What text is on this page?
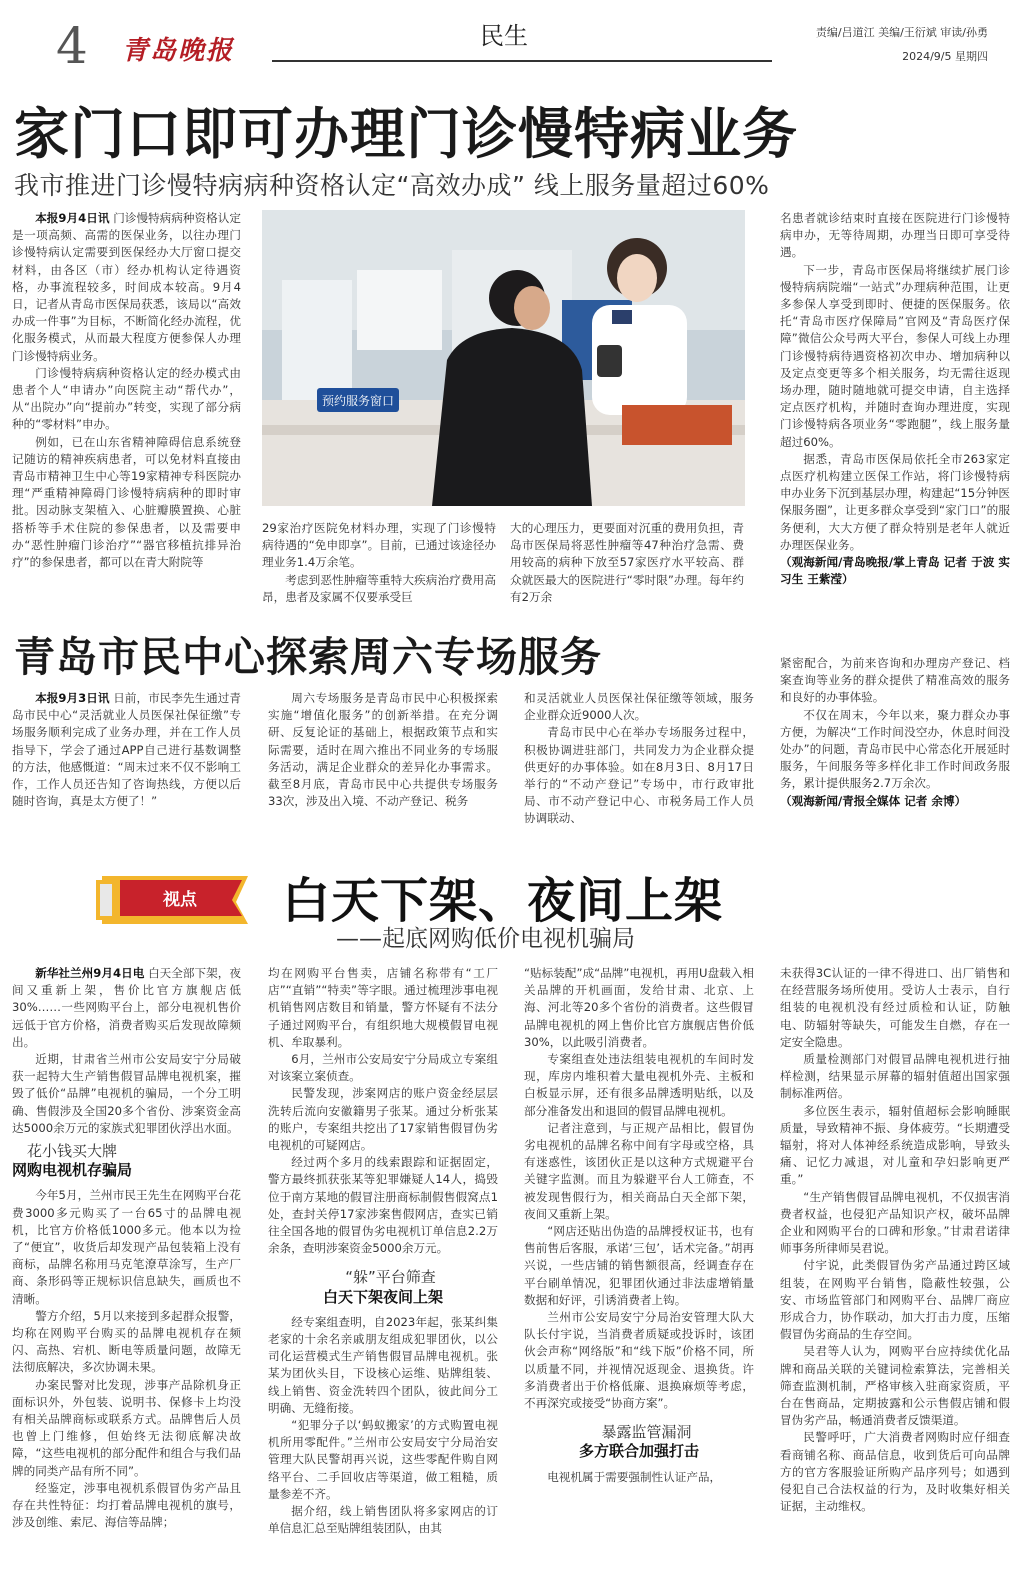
4 青岛晚报	民生	责编/吕道江 美编/王衍斌 审读/孙勇
2024/9/5 星期四
家门口即可办理门诊慢特病业务
我市推进门诊慢特病病种资格认定“高效办成” 线上服务量超过60%

本报9月4日讯 门诊慢特病病种资格认定是一项高频、高需的医保业务，以往办理门诊慢特病认定需要到医保经办大厅窗口提交材料，由各区（市）经办机构认定待遇资格，办事流程较多，时间成本较高。9月4日，记者从青岛市医保局获悉，该局以“高效办成一件事”为目标，不断简化经办流程，优化服务模式，从而最大程度方便参保人办理门诊慢特病业务。

门诊慢特病病种资格认定的经办模式由患者个人“申请办”向医院主动“帮代办”，从“出院办”向“提前办”转变，实现了部分病种的“零材料”申办。

例如，已在山东省精神障碍信息系统登记随访的精神疾病患者，可以免材料直接由青岛市精神卫生中心等19家精神专科医院办理“严重精神障碍门诊慢特病病种的即时审批。因动脉支架植入、心脏瓣膜置换、心脏搭桥等手术住院的参保患者，以及需要申办“恶性肿瘤门诊治疗”“器官移植抗排异治疗”的参保患者，都可以在青大附院等

预约服务窗口

29家治疗医院免材料办理，实现了门诊慢特病待遇的“免申即享”。目前，已通过该途径办理业务1.4万余笔。

考虑到恶性肿瘤等重特大疾病治疗费用高昂，患者及家属不仅要承受巨

大的心理压力，更要面对沉重的费用负担，青岛市医保局将恶性肿瘤等47种治疗急需、费用较高的病种下放至57家医疗水平较高、群众就医最大的医院进行“零时限”办理。每年约有2万余

名患者就诊结束时直接在医院进行门诊慢特病申办，无等待周期，办理当日即可享受待遇。

下一步，青岛市医保局将继续扩展门诊慢特病病院端“一站式”办理病种范围，让更多参保人享受到即时、便捷的医保服务。依托“青岛市医疗保障局”官网及“青岛医疗保障”微信公众号两大平台，参保人可线上办理门诊慢特病待遇资格初次申办、增加病种以及定点变更等多个相关服务，均无需往返现场办理，随时随地就可提交申请，自主选择定点医疗机构，并随时查询办理进度，实现门诊慢特病各项业务“零跑腿”，线上服务量超过60%。

据悉，青岛市医保局依托全市263家定点医疗机构建立医保工作站，将门诊慢特病申办业务下沉到基层办理，构建起“15分钟医保服务圈”，让更多群众享受到“家门口”的服务便利，大大方便了群众特别是老年人就近办理医保业务。

（观海新闻/青岛晚报/掌上青岛 记者 于波 实习生 王紫滢）

青岛市民中心探索周六专场服务

本报9月3日讯 日前，市民李先生通过青岛市民中心“灵活就业人员医保社保征缴”专场服务顺利完成了业务办理，并在工作人员指导下，学会了通过APP自己进行基数调整的方法，他感慨道：“周末过来不仅不影响工作，工作人员还告知了咨询热线，方便以后随时咨询，真是太方便了！”

周六专场服务是青岛市民中心积极探索实施“增值化服务”的创新举措。在充分调研、反复论证的基础上，根据政策节点和实际需要，适时在周六推出不同业务的专场服务活动，满足企业群众的差异化办事需求。截至8月底，青岛市民中心共提供专场服务33次，涉及出入境、不动产登记、税务

和灵活就业人员医保社保征缴等领域，服务企业群众近9000人次。

青岛市民中心在举办专场服务过程中，积极协调进驻部门，共同发力为企业群众提供更好的办事体验。如在8月3日、8月17日举行的“不动产登记”专场中，市行政审批局、市不动产登记中心、市税务局工作人员协调联动、

紧密配合，为前来咨询和办理房产登记、档案查询等业务的群众提供了精准高效的服务和良好的办事体验。

不仅在周末，今年以来，聚力群众办事方便，为解决“工作时间没空办，休息时间没处办”的问题，青岛市民中心常态化开展延时服务，午间服务等多样化非工作时间政务服务，累计提供服务2.7万余次。

（观海新闻/青报全媒体 记者 余博）

视点 白天下架、夜间上架
——起底网购低价电视机骗局

新华社兰州9月4日电 白天全部下架，夜间又重新上架，售价比官方旗舰店低30%……一些网购平台上，部分电视机售价远低于官方价格，消费者购买后发现故障频出。

近期，甘肃省兰州市公安局安宁分局破获一起特大生产销售假冒品牌电视机案，摧毁了低价“品牌”电视机的骗局，一个分工明确、售假涉及全国20多个省份、涉案资金高达5000余万元的家族式犯罪团伙浮出水面。

花小钱买大牌
网购电视机存骗局

今年5月，兰州市民王先生在网购平台花费3000多元购买了一台65寸的品牌电视机，比官方价格低1000多元。他本以为捡了“便宜”，收货后却发现产品包装箱上没有商标，品牌名称用马克笔潦草涂写，生产厂商、条形码等正规标识信息缺失，画质也不清晰。

警方介绍，5月以来接到多起群众报警，均称在网购平台购买的品牌电视机存在频闪、高热、宕机、断电等质量问题，故障无法彻底解决，多次协调未果。

办案民警对比发现，涉事产品除机身正面标识外，外包装、说明书、保修卡上均没有相关品牌商标或联系方式。品牌售后人员也曾上门维修，但始终无法彻底解决故障，“这些电视机的部分配件和组合与我们品牌的同类产品有所不同”。

经鉴定，涉事电视机系假冒伪劣产品且存在共性特征：均打着品牌电视机的旗号，涉及创维、索尼、海信等品牌；

均在网购平台售卖，店铺名称带有“工厂店”“直销”“特卖”等字眼。通过梳理涉事电视机销售网店数目和销量，警方怀疑有不法分子通过网购平台，有组织地大规模假冒电视机、牟取暴利。

6月，兰州市公安局安宁分局成立专案组对该案立案侦查。

民警发现，涉案网店的账户资金经层层洗转后流向安徽籍男子张某。通过分析张某的账户，专案组共挖出了17家销售假冒伪劣电视机的可疑网店。

经过两个多月的线索跟踪和证据固定，警方最终抓获张某等犯罪嫌疑人14人，捣毁位于南方某地的假冒注册商标制假售假窝点1处，查封关停17家涉案售假网店，查实已销往全国各地的假冒伪劣电视机订单信息2.2万余条，查明涉案资金5000余万元。

“躲”平台筛查
白天下架夜间上架

经专案组查明，自2023年起，张某纠集老家的十余名亲戚朋友组成犯罪团伙，以公司化运营模式生产销售假冒品牌电视机。张某为团伙头目，下设核心运维、贴牌组装、线上销售、资金洗转四个团队，彼此间分工明确、无缝衔接。

“犯罪分子以‘蚂蚁搬家’的方式购置电视机所用零配件。”兰州市公安局安宁分局治安管理大队民警胡再兴说，这些零配件购自网络平台、二手回收店等渠道，做工粗糙，质量参差不齐。

据介绍，线上销售团队将多家网店的订单信息汇总至贴牌组装团队，由其

“贴标装配”成“品牌”电视机，再用U盘载入相关品牌的开机画面，发给甘肃、北京、上海、河北等20多个省份的消费者。这些假冒品牌电视机的网上售价比官方旗舰店售价低30%，以此吸引消费者。

专案组查处违法组装电视机的车间时发现，库房内堆积着大量电视机外壳、主板和白板显示屏，还有很多品牌透明贴纸，以及部分准备发出和退回的假冒品牌电视机。

记者注意到，与正规产品相比，假冒伪劣电视机的品牌名称中间有字母或空格，具有迷惑性，该团伙正是以这种方式规避平台关键字监测。而且为躲避平台人工筛查，不被发现售假行为，相关商品白天全部下架，夜间又重新上架。

“网店还贴出伪造的品牌授权证书，也有售前售后客服，承诺‘三包’，话术完备。”胡再兴说，一些店铺的销售额很高，经调查存在平台刷单情况，犯罪团伙通过非法虚增销量数据和好评，引诱消费者上钩。

兰州市公安局安宁分局治安管理大队大队长付宇说，当消费者质疑或投诉时，该团伙会声称“网络版”和“线下版”价格不同，所以质量不同，并视情况返现金、退换货。许多消费者出于价格低廉、退换麻烦等考虑，不再深究或接受“协商方案”。

暴露监管漏洞
多方联合加强打击

电视机属于需要强制性认证产品，

未获得3C认证的一律不得进口、出厂销售和在经营服务场所使用。受访人士表示，自行组装的电视机没有经过质检和认证，防触电、防辐射等缺失，可能发生自燃，存在一定安全隐患。

质量检测部门对假冒品牌电视机进行抽样检测，结果显示屏幕的辐射值超出国家强制标准两倍。

多位医生表示，辐射值超标会影响睡眠质量，导致精神不振、身体疲劳。“长期遭受辐射，将对人体神经系统造成影响，导致头痛、记忆力减退，对儿童和孕妇影响更严重。”

“生产销售假冒品牌电视机，不仅损害消费者权益，也侵犯产品知识产权，破坏品牌企业和网购平台的口碑和形象。”甘肃君诺律师事务所律师吴君说。

付宇说，此类假冒伪劣产品通过跨区域组装，在网购平台销售，隐蔽性较强，公安、市场监管部门和网购平台、品牌厂商应形成合力，协作联动，加大打击力度，压缩假冒伪劣商品的生存空间。

吴君等人认为，网购平台应持续优化品牌和商品关联的关键词检索算法，完善相关筛查监测机制，严格审核入驻商家资质，平台在售商品，定期披露和公示售假店铺和假冒伪劣产品，畅通消费者反馈渠道。

民警呼吁，广大消费者网购时应仔细查看商铺名称、商品信息，收到货后可向品牌方的官方客服验证所购产品序列号；如遇到侵犯自己合法权益的行为，及时收集好相关证据，主动维权。
